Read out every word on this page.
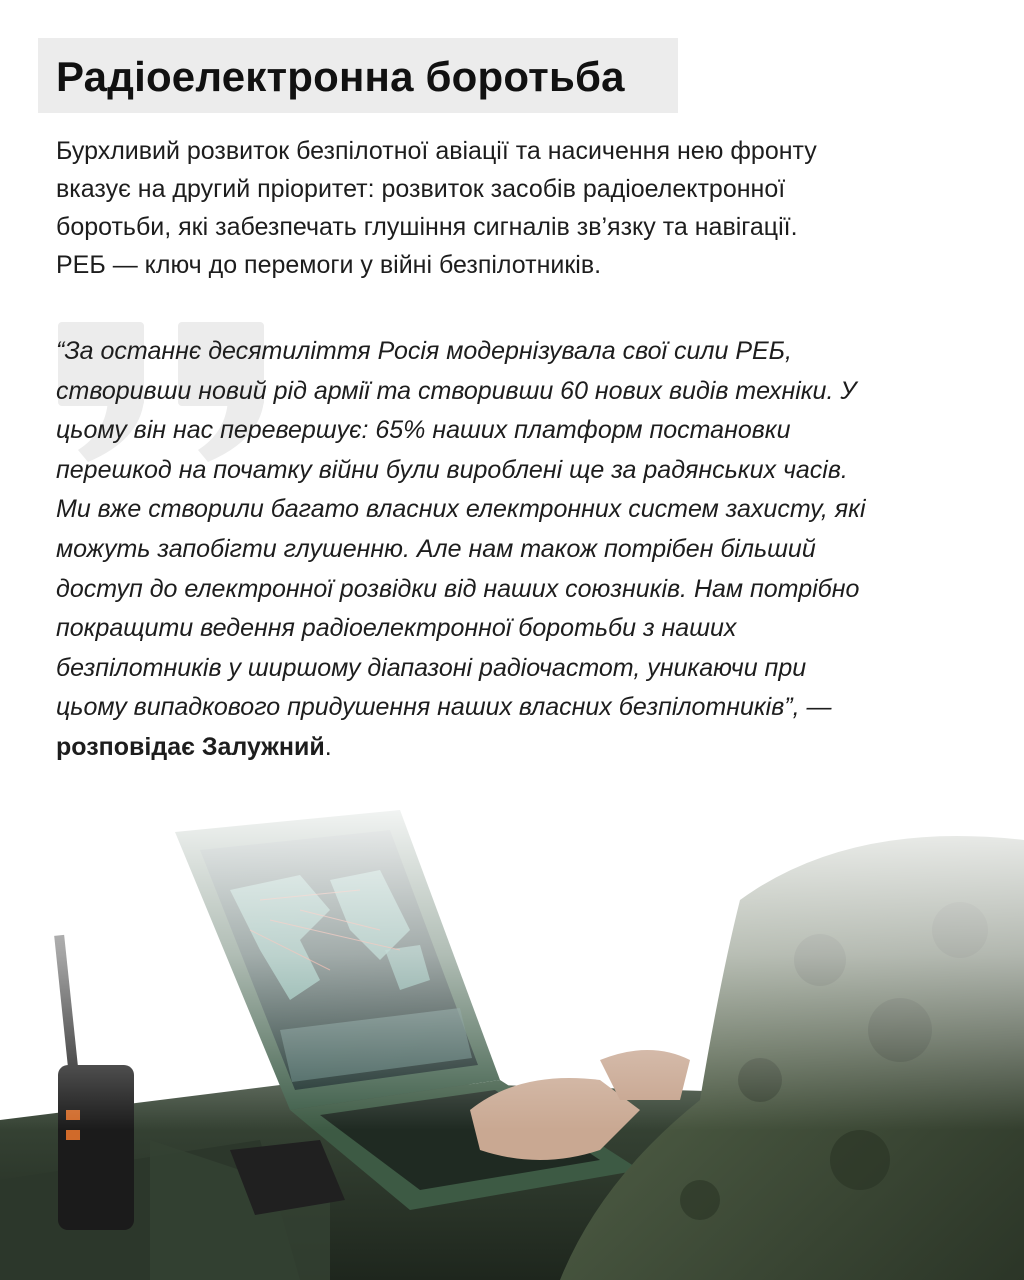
Радіоелектронна боротьба

Бурхливий розвиток безпілотної авіації та насичення нею фронту
вказує на другий пріоритет: розвиток засобів радіоелектронної
боротьби, які забезпечать глушіння сигналів зв’язку та навігації.
РЕБ — ключ до перемоги у війні безпілотників.

“За останнє десятиліття Росія модернізувала свої сили РЕБ,
створивши новий рід армії та створивши 60 нових видів техніки. У
цьому він нас перевершує: 65% наших платформ постановки
перешкод на початку війни були вироблені ще за радянських часів.
Ми вже створили багато власних електронних систем захисту, які
можуть запобігти глушенню. Але нам також потрібен більший
доступ до електронної розвідки від наших союзників. Нам потрібно
покращити ведення радіоелектронної боротьби з наших
безпілотників у ширшому діапазоні радіочастот, уникаючи при
цьому випадкового придушення наших власних безпілотників”, —
розповідає Залужний.
